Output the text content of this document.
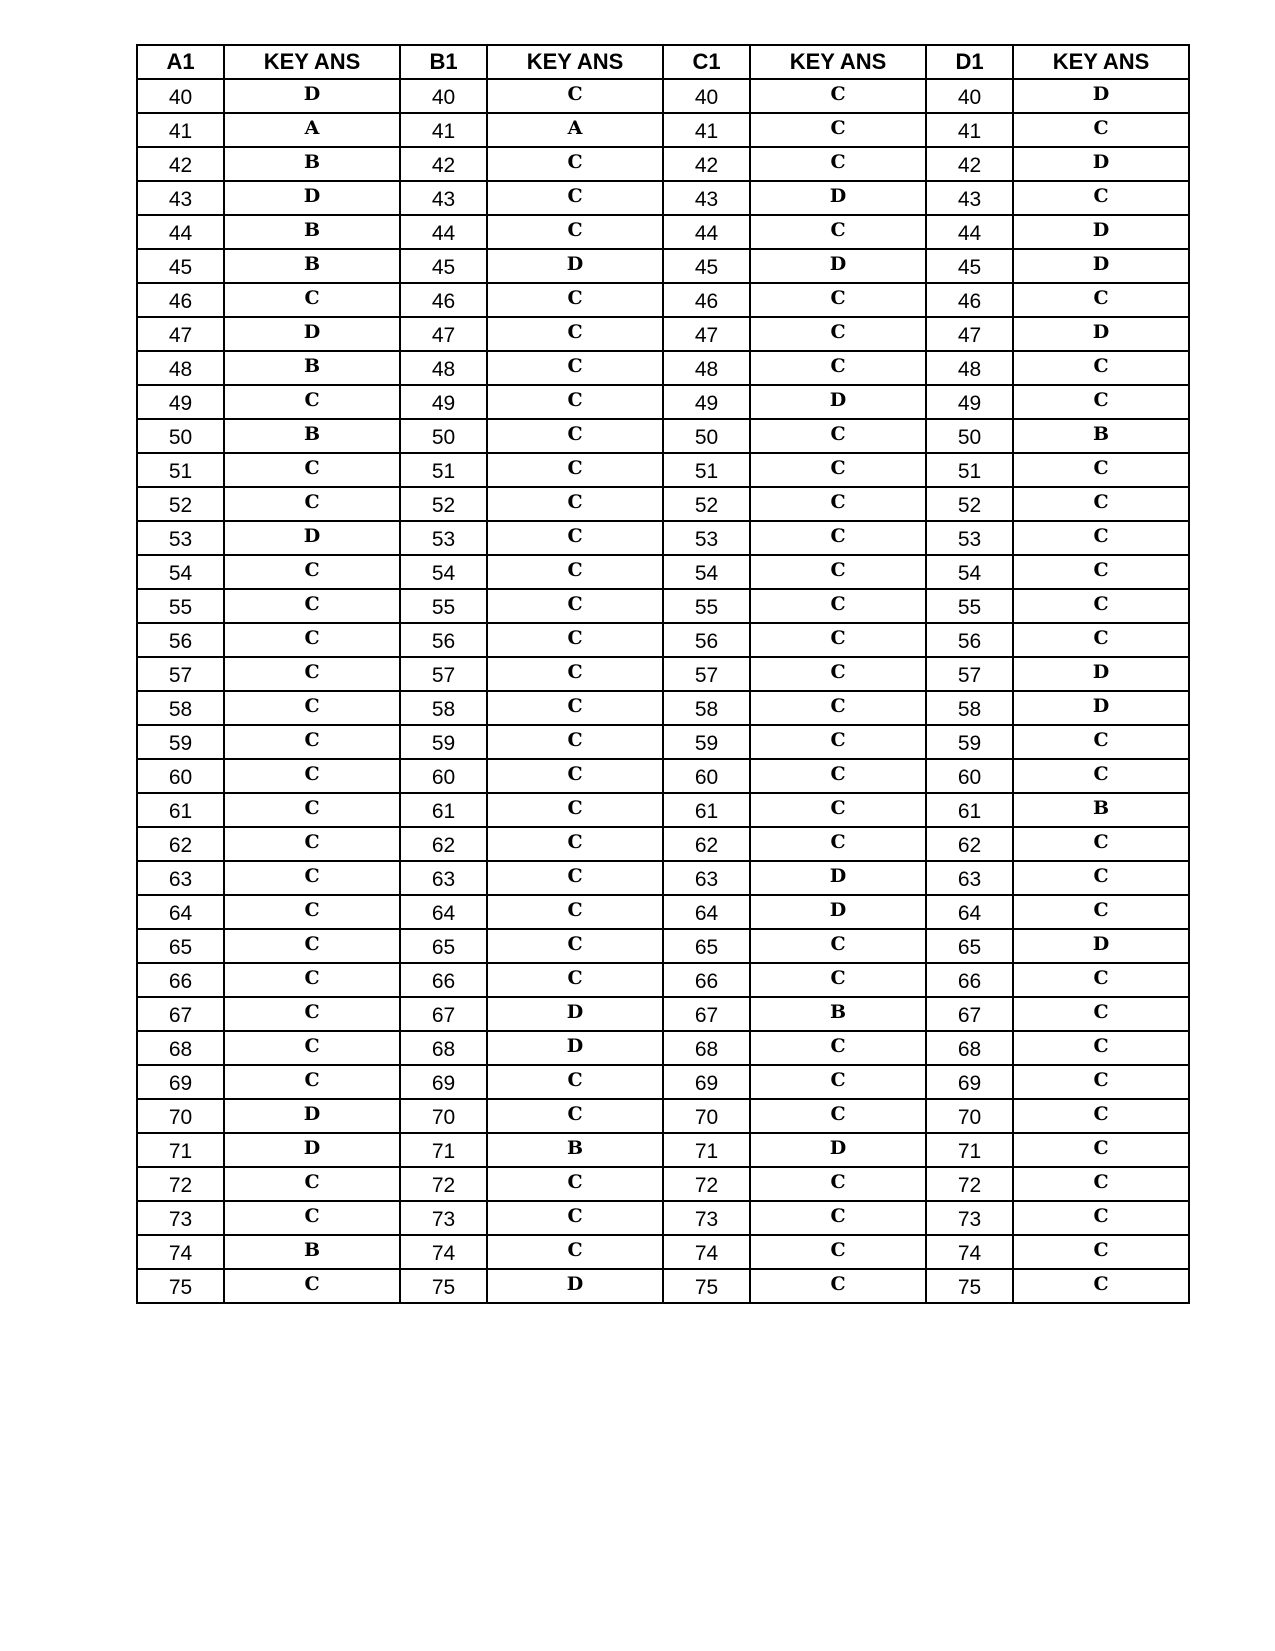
A1	KEY ANS	B1	KEY ANS	C1	KEY ANS	D1	KEY ANS
40	D	40	C	40	C	40	D
41	A	41	A	41	C	41	C
42	B	42	C	42	C	42	D
43	D	43	C	43	D	43	C
44	B	44	C	44	C	44	D
45	B	45	D	45	D	45	D
46	C	46	C	46	C	46	C
47	D	47	C	47	C	47	D
48	B	48	C	48	C	48	C
49	C	49	C	49	D	49	C
50	B	50	C	50	C	50	B
51	C	51	C	51	C	51	C
52	C	52	C	52	C	52	C
53	D	53	C	53	C	53	C
54	C	54	C	54	C	54	C
55	C	55	C	55	C	55	C
56	C	56	C	56	C	56	C
57	C	57	C	57	C	57	D
58	C	58	C	58	C	58	D
59	C	59	C	59	C	59	C
60	C	60	C	60	C	60	C
61	C	61	C	61	C	61	B
62	C	62	C	62	C	62	C
63	C	63	C	63	D	63	C
64	C	64	C	64	D	64	C
65	C	65	C	65	C	65	D
66	C	66	C	66	C	66	C
67	C	67	D	67	B	67	C
68	C	68	D	68	C	68	C
69	C	69	C	69	C	69	C
70	D	70	C	70	C	70	C
71	D	71	B	71	D	71	C
72	C	72	C	72	C	72	C
73	C	73	C	73	C	73	C
74	B	74	C	74	C	74	C
75	C	75	D	75	C	75	C
